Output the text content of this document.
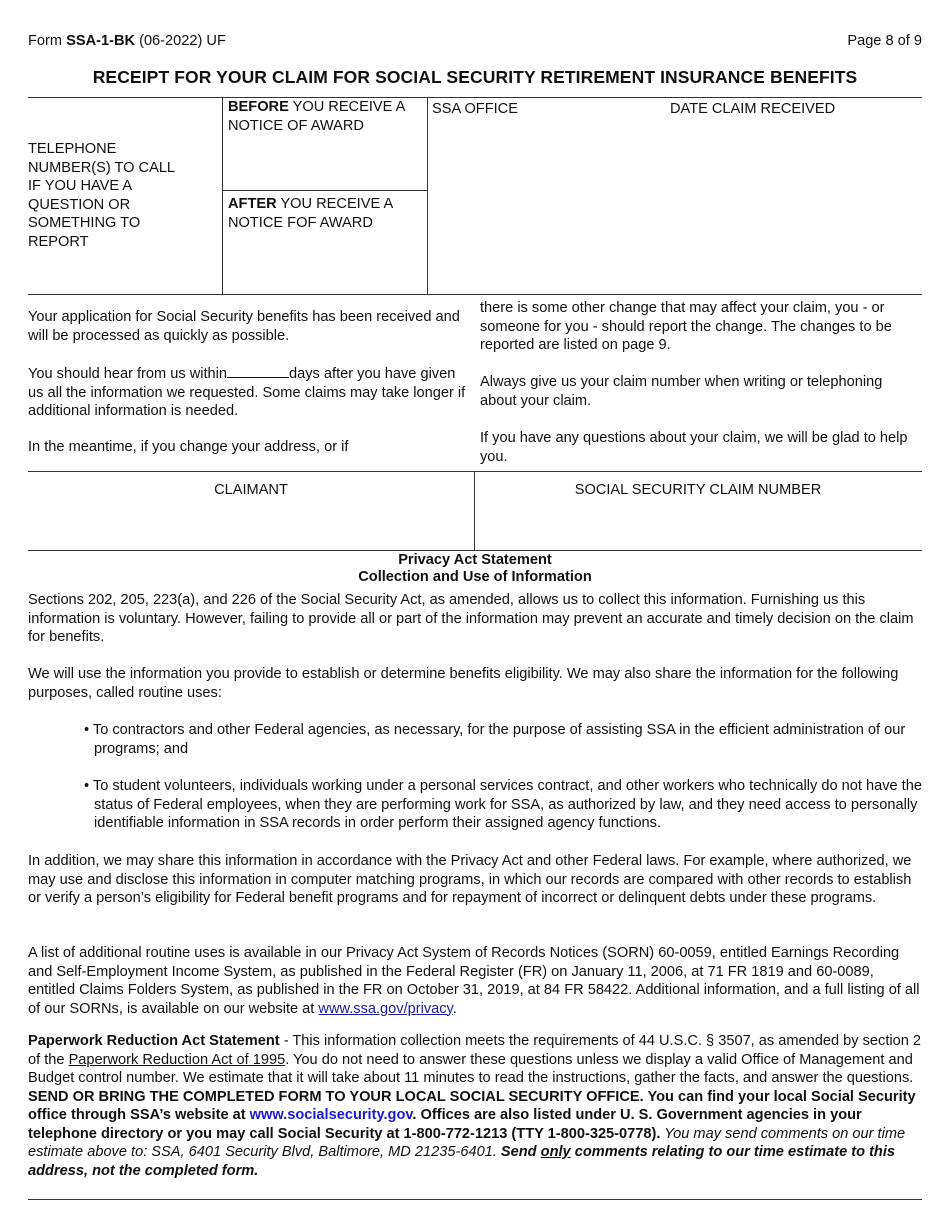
Form SSA-1-BK (06-2022) UF	Page 8 of 9
RECEIPT FOR YOUR CLAIM FOR SOCIAL SECURITY RETIREMENT INSURANCE BENEFITS
TELEPHONE NUMBER(S) TO CALL IF YOU HAVE A QUESTION OR SOMETHING TO REPORT
BEFORE YOU RECEIVE A NOTICE OF AWARD
AFTER YOU RECEIVE A NOTICE FOF AWARD
SSA OFFICE	DATE CLAIM RECEIVED
Your application for Social Security benefits has been received and will be processed as quickly as possible.
You should hear from us within	days after you have given us all the information we requested. Some claims may take longer if additional information is needed.
In the meantime, if you change your address, or if
there is some other change that may affect your claim, you - or someone for you - should report the change. The changes to be reported are listed on page 9.
Always give us your claim number when writing or telephoning about your claim.
If you have any questions about your claim, we will be glad to help you.
CLAIMANT	SOCIAL SECURITY CLAIM NUMBER
Privacy Act Statement
Collection and Use of Information
Sections 202, 205, 223(a), and 226 of the Social Security Act, as amended, allows us to collect this information. Furnishing us this information is voluntary. However, failing to provide all or part of the information may prevent an accurate and timely decision on the claim for benefits.
We will use the information you provide to establish or determine benefits eligibility. We may also share the information for the following purposes, called routine uses:
• To contractors and other Federal agencies, as necessary, for the purpose of assisting SSA in the efficient administration of our programs; and
• To student volunteers, individuals working under a personal services contract, and other workers who technically do not have the status of Federal employees, when they are performing work for SSA, as authorized by law, and they need access to personally identifiable information in SSA records in order perform their assigned agency functions.
In addition, we may share this information in accordance with the Privacy Act and other Federal laws. For example, where authorized, we may use and disclose this information in computer matching programs, in which our records are compared with other records to establish or verify a person’s eligibility for Federal benefit programs and for repayment of incorrect or delinquent debts under these programs.
A list of additional routine uses is available in our Privacy Act System of Records Notices (SORN) 60-0059, entitled Earnings Recording and Self-Employment Income System, as published in the Federal Register (FR) on January 11, 2006, at 71 FR 1819 and 60-0089, entitled Claims Folders System, as published in the FR on October 31, 2019, at 84 FR 58422. Additional information, and a full listing of all of our SORNs, is available on our website at www.ssa.gov/privacy.
Paperwork Reduction Act Statement - This information collection meets the requirements of 44 U.S.C. § 3507, as amended by section 2 of the Paperwork Reduction Act of 1995. You do not need to answer these questions unless we display a valid Office of Management and Budget control number. We estimate that it will take about 11 minutes to read the instructions, gather the facts, and answer the questions. SEND OR BRING THE COMPLETED FORM TO YOUR LOCAL SOCIAL SECURITY OFFICE. You can find your local Social Security office through SSA’s website at www.socialsecurity.gov. Offices are also listed under U. S. Government agencies in your telephone directory or you may call Social Security at 1-800-772-1213 (TTY 1-800-325-0778). You may send comments on our time estimate above to: SSA, 6401 Security Blvd, Baltimore, MD 21235-6401. Send only comments relating to our time estimate to this address, not the completed form.
